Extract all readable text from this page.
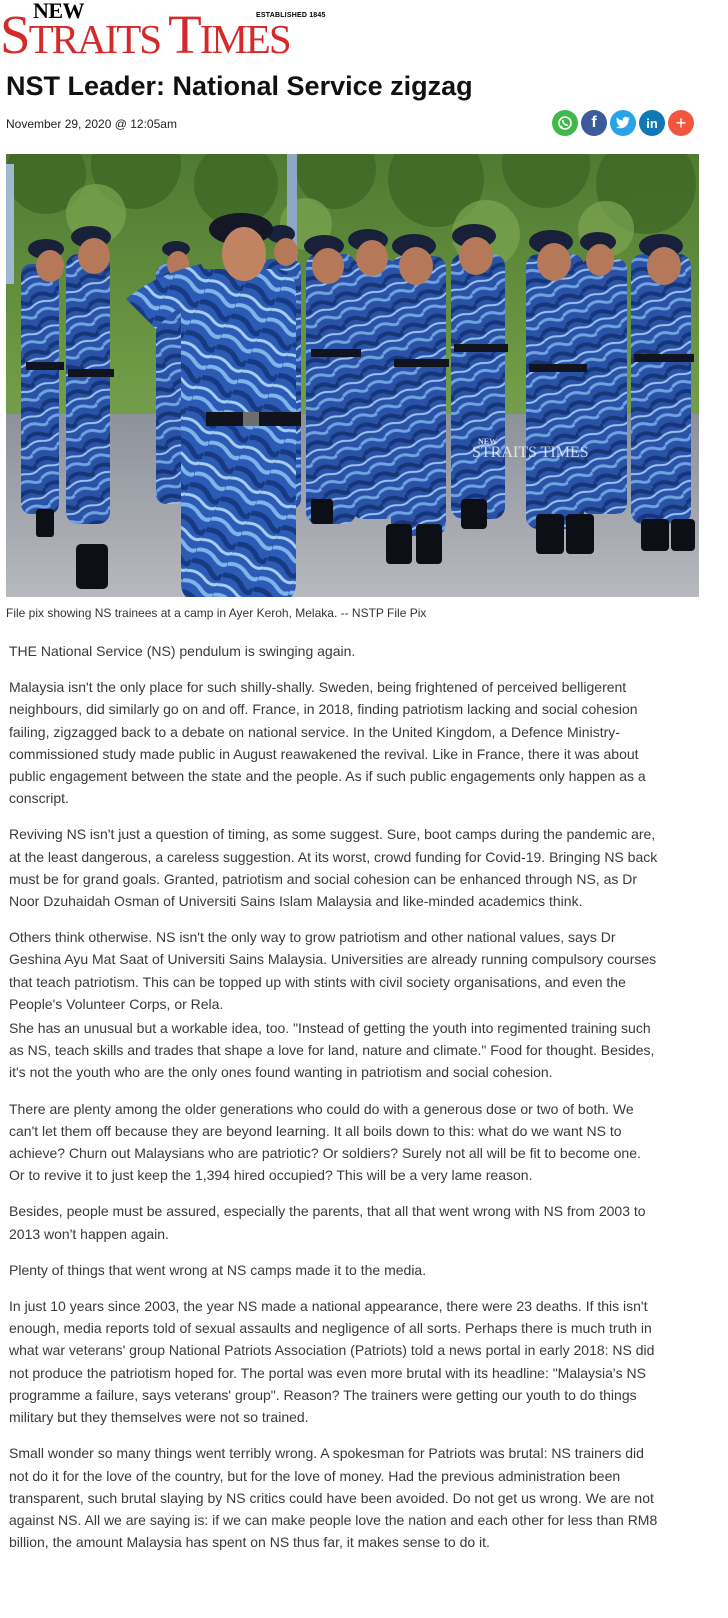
NEW	ESTABLISHED 1845
STRAITS TIMES
NST Leader: National Service zigzag
November 29, 2020 @ 12:05am	f	in +
NEW
STRAITS TIMES
File pix showing NS trainees at a camp in Ayer Keroh, Melaka. -- NSTP File Pix

THE National Service (NS) pendulum is swinging again.

Malaysia isn't the only place for such shilly-shally. Sweden, being frightened of perceived belligerent neighbours, did similarly go on and off. France, in 2018, finding patriotism lacking and social cohesion failing, zigzagged back to a debate on national service. In the United Kingdom, a Defence Ministry-commissioned study made public in August reawakened the revival. Like in France, there it was about public engagement between the state and the people. As if such public engagements only happen as a conscript.

Reviving NS isn't just a question of timing, as some suggest. Sure, boot camps during the pandemic are, at the least dangerous, a careless suggestion. At its worst, crowd funding for Covid-19. Bringing NS back must be for grand goals. Granted, patriotism and social cohesion can be enhanced through NS, as Dr Noor Dzuhaidah Osman of Universiti Sains Islam Malaysia and like-minded academics think.

Others think otherwise. NS isn't the only way to grow patriotism and other national values, says Dr Geshina Ayu Mat Saat of Universiti Sains Malaysia. Universities are already running compulsory courses that teach patriotism. This can be topped up with stints with civil society organisations, and even the People's Volunteer Corps, or Rela.

She has an unusual but a workable idea, too. "Instead of getting the youth into regimented training such as NS, teach skills and trades that shape a love for land, nature and climate." Food for thought. Besides, it's not the youth who are the only ones found wanting in patriotism and social cohesion.

There are plenty among the older generations who could do with a generous dose or two of both. We can't let them off because they are beyond learning. It all boils down to this: what do we want NS to achieve? Churn out Malaysians who are patriotic? Or soldiers? Surely not all will be fit to become one. Or to revive it to just keep the 1,394 hired occupied? This will be a very lame reason.

Besides, people must be assured, especially the parents, that all that went wrong with NS from 2003 to 2013 won't happen again.

Plenty of things that went wrong at NS camps made it to the media.

In just 10 years since 2003, the year NS made a national appearance, there were 23 deaths. If this isn't enough, media reports told of sexual assaults and negligence of all sorts. Perhaps there is much truth in what war veterans' group National Patriots Association (Patriots) told a news portal in early 2018: NS did not produce the patriotism hoped for. The portal was even more brutal with its headline: "Malaysia's NS programme a failure, says veterans' group". Reason? The trainers were getting our youth to do things military but they themselves were not so trained.

Small wonder so many things went terribly wrong. A spokesman for Patriots was brutal: NS trainers did not do it for the love of the country, but for the love of money. Had the previous administration been transparent, such brutal slaying by NS critics could have been avoided. Do not get us wrong. We are not against NS. All we are saying is: if we can make people love the nation and each other for less than RM8 billion, the amount Malaysia has spent on NS thus far, it makes sense to do it.
